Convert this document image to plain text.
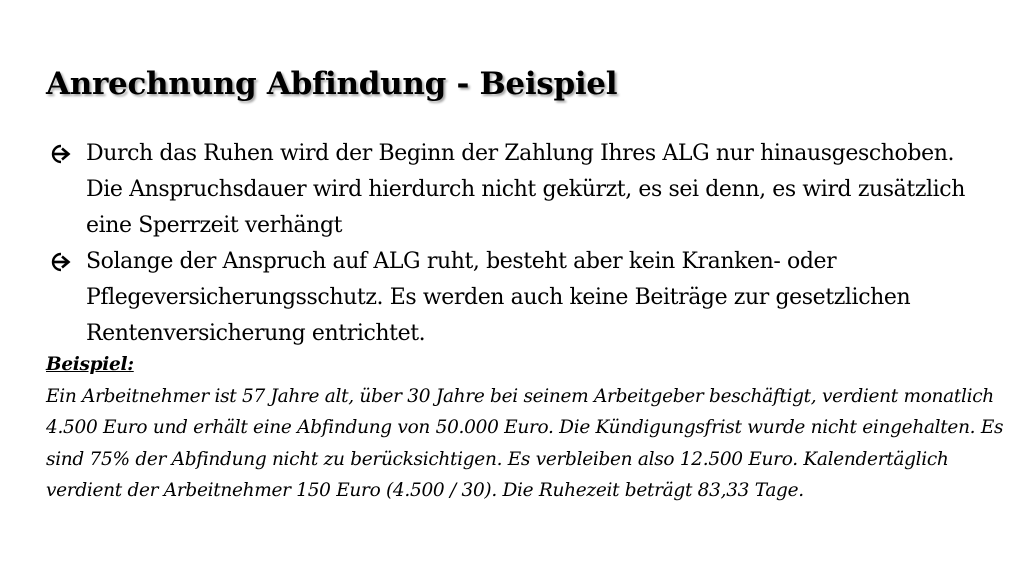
Anrechnung Abfindung - Beispiel
Durch das Ruhen wird der Beginn der Zahlung Ihres ALG nur hinausgeschoben. Die Anspruchsdauer wird hierdurch nicht gekürzt, es sei denn, es wird zusätzlich eine Sperrzeit verhängt
Solange der Anspruch auf ALG ruht, besteht aber kein Kranken- oder Pflegeversicherungsschutz. Es werden auch keine Beiträge zur gesetzlichen Rentenversicherung entrichtet.
Beispiel:
Ein Arbeitnehmer ist 57 Jahre alt, über 30 Jahre bei seinem Arbeitgeber beschäftigt, verdient monatlich 4.500 Euro und erhält eine Abfindung von 50.000 Euro. Die Kündigungsfrist wurde nicht eingehalten. Es sind 75% der Abfindung nicht zu berücksichtigen. Es verbleiben also 12.500 Euro. Kalendertäglich verdient der Arbeitnehmer 150 Euro (4.500 / 30). Die Ruhezeit beträgt 83,33 Tage.
